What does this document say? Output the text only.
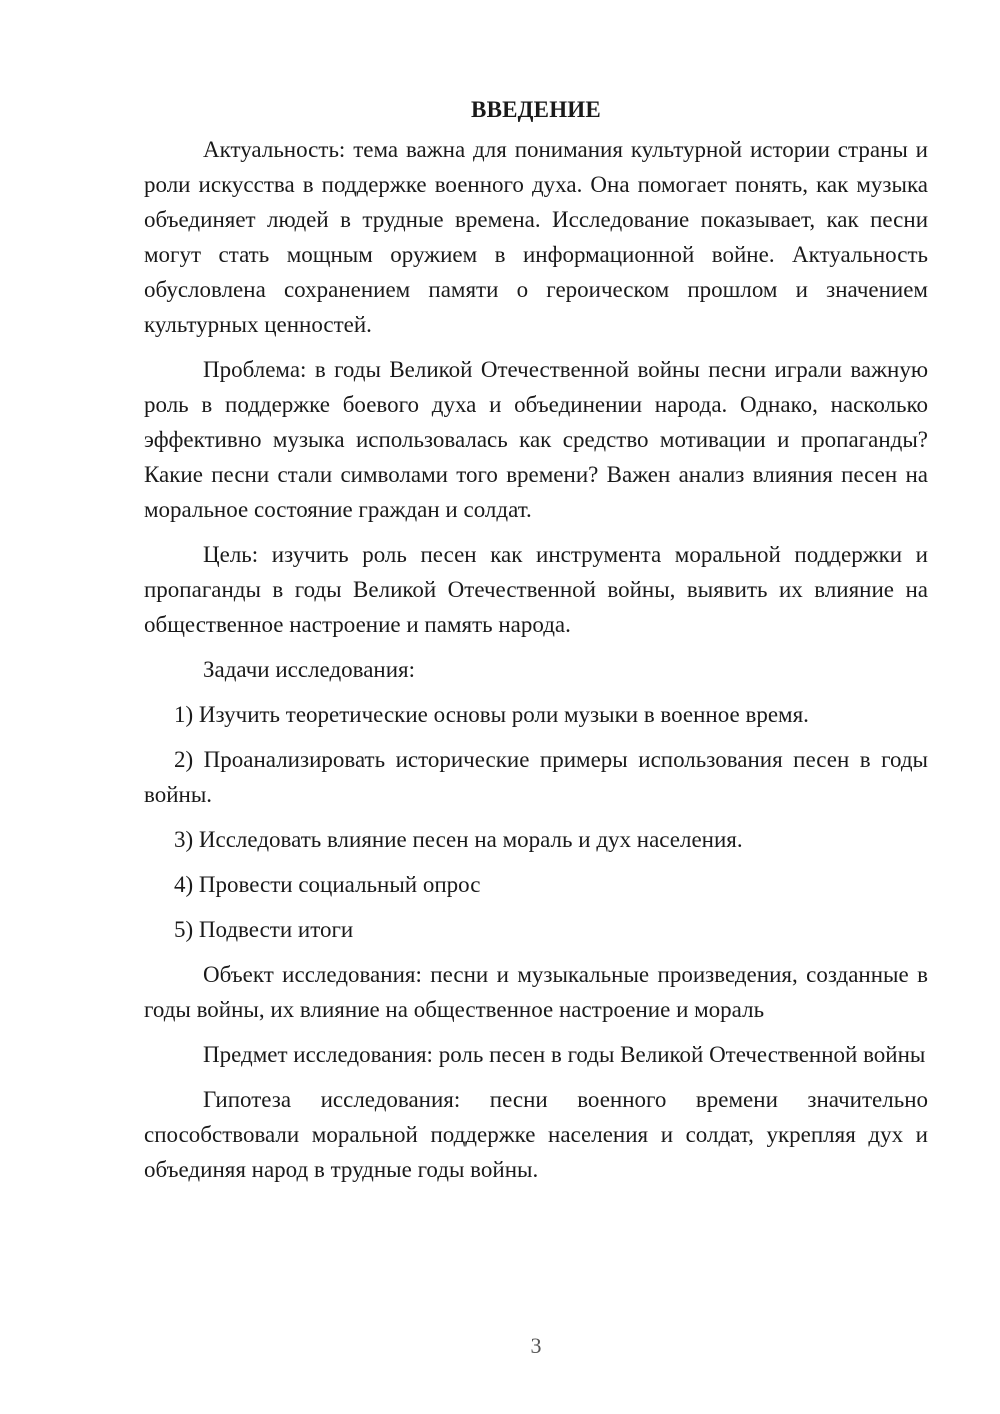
ВВЕДЕНИЕ

Актуальность: тема важна для понимания культурной истории страны и роли искусства в поддержке военного духа. Она помогает понять, как музыка объединяет людей в трудные времена. Исследование показывает, как песни могут стать мощным оружием в информационной войне. Актуальность обусловлена сохранением памяти о героическом прошлом и значением культурных ценностей.

Проблема: в годы Великой Отечественной войны песни играли важную роль в поддержке боевого духа и объединении народа. Однако, насколько эффективно музыка использовалась как средство мотивации и пропаганды? Какие песни стали символами того времени? Важен анализ влияния песен на моральное состояние граждан и солдат.

Цель: изучить роль песен как инструмента моральной поддержки и пропаганды в годы Великой Отечественной войны, выявить их влияние на общественное настроение и память народа.

Задачи исследования:

1) Изучить теоретические основы роли музыки в военное время.

2) Проанализировать исторические примеры использования песен в годы войны.

3) Исследовать влияние песен на мораль и дух населения.

4) Провести социальный опрос

5) Подвести итоги

Объект исследования: песни и музыкальные произведения, созданные в годы войны, их влияние на общественное настроение и мораль

Предмет исследования: роль песен в годы Великой Отечественной войны

Гипотеза исследования: песни военного времени значительно способствовали моральной поддержке населения и солдат, укрепляя дух и объединяя народ в трудные годы войны.

3
